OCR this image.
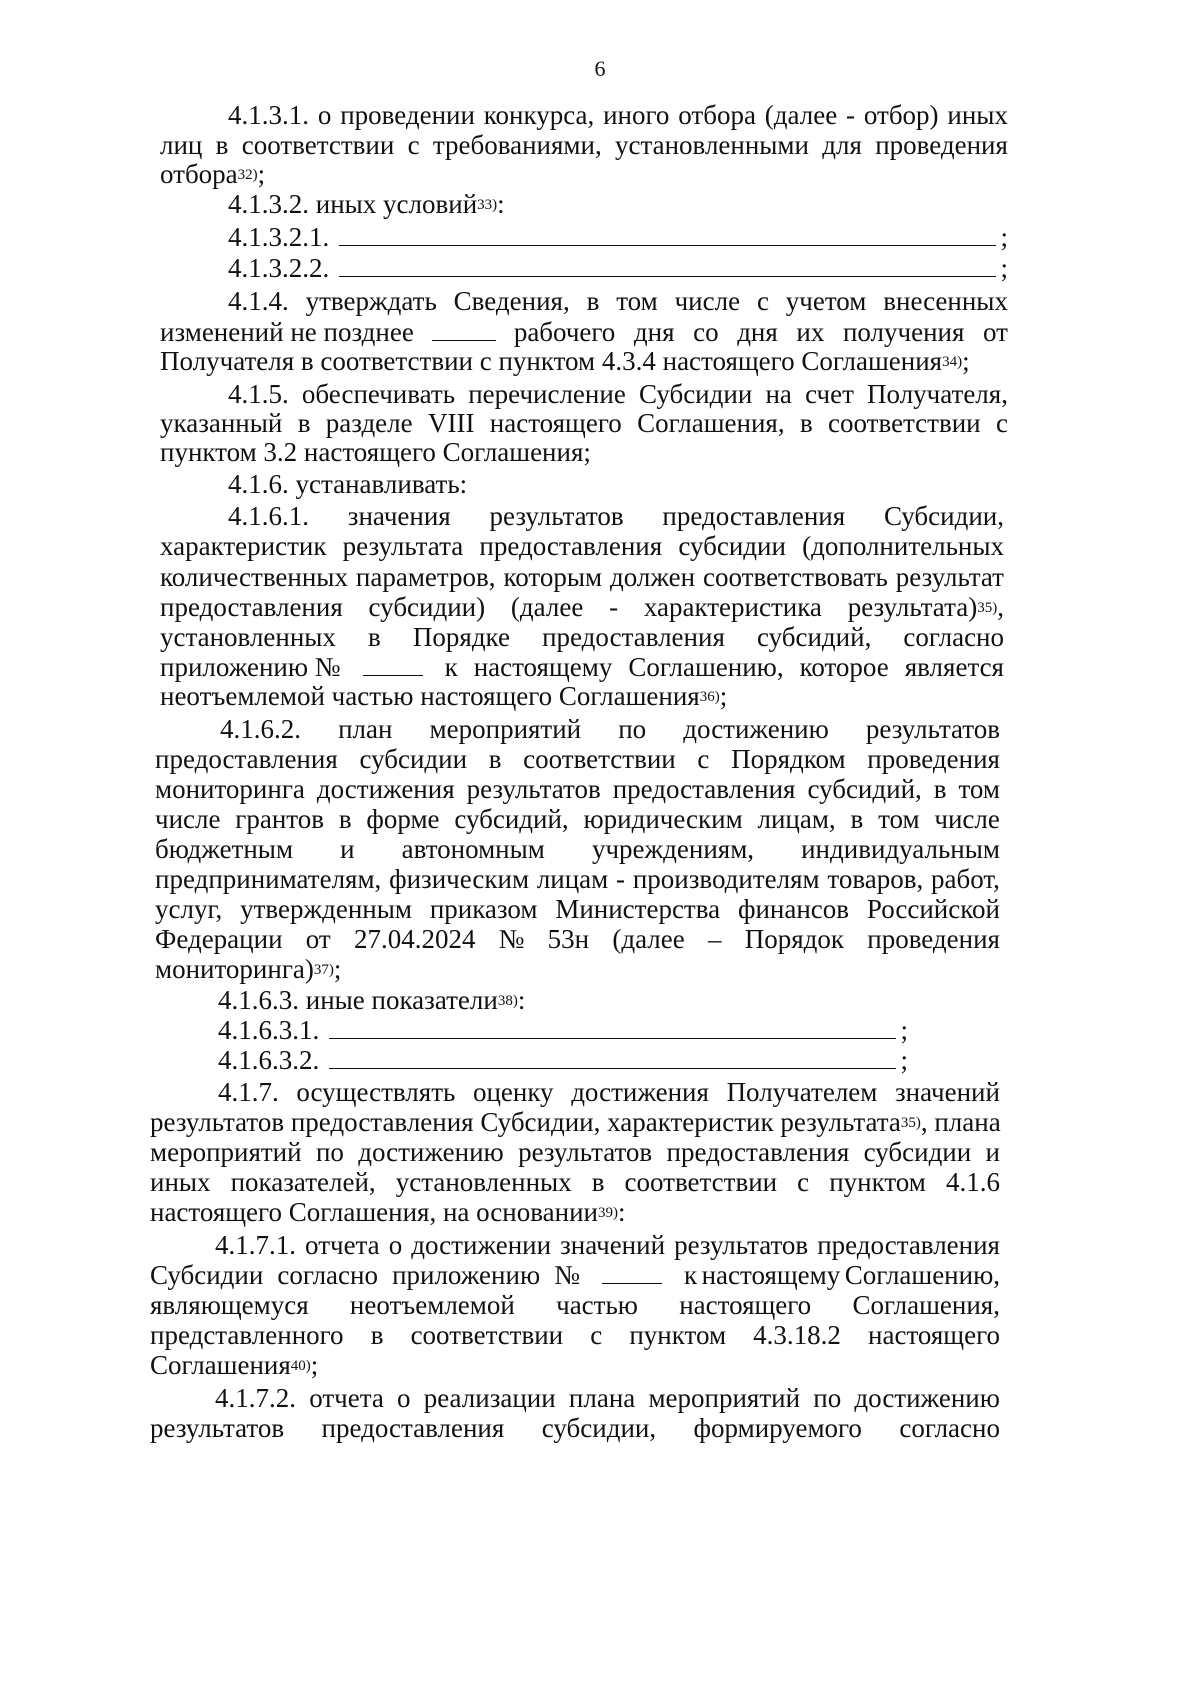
6
4.1.3.1. о проведении конкурса, иного отбора (далее - отбор) иных
лиц в соответствии с требованиями, установленными для проведения
отбора$^{32)}$ ;
4.1.3.2. иных условий$^{33)}$ :
4.1.3.2.1.	;
4.1.3.2.2.	;
4.1.4. утверждать Сведения, в том числе с учетом внесенных
изменений не позднее	рабочего дня со дня их получения от
Получателя в соответствии с пунктом 4.3.4 настоящего Соглашения$^{34)}$ ;
4.1.5. обеспечивать перечисление Субсидии на счет Получателя,
указанный в разделе VIII настоящего Соглашения, в соответствии с
пунктом 3.2 настоящего Соглашения;
4.1.6. устанавливать:
4.1.6.1. значения результатов предоставления Субсидии,
характеристик результата предоставления субсидии (дополнительных
количественных параметров, которым должен соответствовать результат
предоставления субсидии) (далее - характеристика результата)$^{35)}$ ,
установленных в Порядке предоставления субсидий, согласно
приложению №	к настоящему Соглашению, которое является
неотъемлемой частью настоящего Соглашения$^{36)}$ ;
4.1.6.2. план мероприятий по достижению результатов
предоставления субсидии в соответствии с Порядком проведения
мониторинга достижения результатов предоставления субсидий, в том
числе грантов в форме субсидий, юридическим лицам, в том числе
бюджетным и автономным учреждениям, индивидуальным
предпринимателям, физическим лицам - производителям товаров, работ,
услуг, утвержденным приказом Министерства финансов Российской
Федерации от 27.04.2024 № 53н (далее – Порядок проведения
мониторинга)$^{37)}$ ;
4.1.6.3. иные показатели$^{38)}$ :
4.1.6.3.1.	;
4.1.6.3.2.	;
4.1.7. осуществлять оценку достижения Получателем значений
результатов предоставления Субсидии, характеристик результата$^{35)}$ , плана
мероприятий по достижению результатов предоставления субсидии и
иных показателей, установленных в соответствии с пунктом 4.1.6
настоящего Соглашения, на основании$^{39)}$ :
4.1.7.1. отчета о достижении значений результатов предоставления
Субсидии согласно приложению №	к настоящему Соглашению,
являющемуся неотъемлемой частью настоящего Соглашения,
представленного в соответствии с пунктом 4.3.18.2 настоящего
Соглашения$^{40)}$ ;
4.1.7.2. отчета о реализации плана мероприятий по достижению
результатов предоставления субсидии, формируемого согласно
